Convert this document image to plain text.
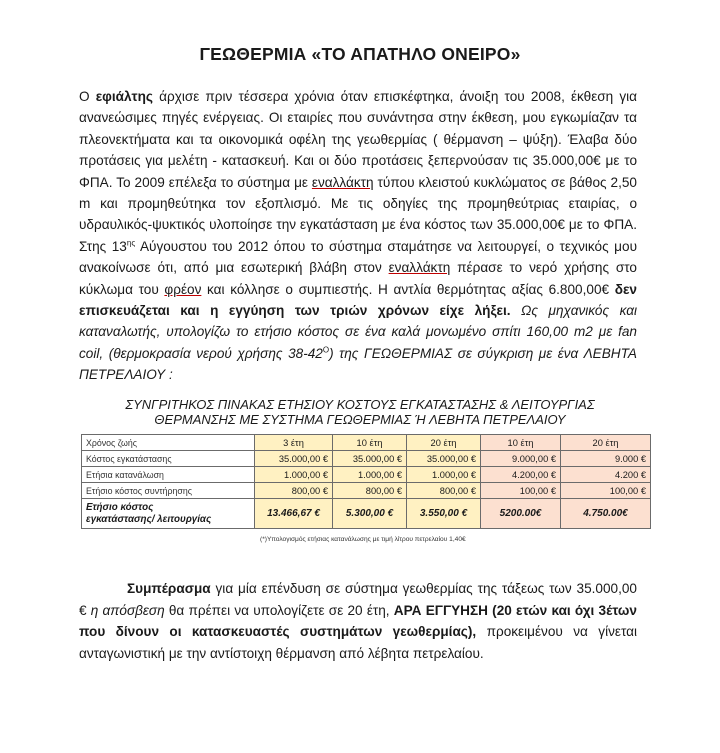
ΓΕΩΘΕΡΜΙΑ «ΤΟ ΑΠΑΤΗΛΟ ΟΝΕΙΡΟ»

Ο εφιάλτης άρχισε πριν τέσσερα χρόνια όταν επισκέφτηκα, άνοιξη του 2008, έκθεση για ανανεώσιμες πηγές ενέργειας. Οι εταιρίες που συνάντησα στην έκθεση, μου εγκωμίαζαν τα πλεονεκτήματα και τα οικονομικά οφέλη της γεωθερμίας ( θέρμανση – ψύξη). Έλαβα δύο προτάσεις για μελέτη - κατασκευή. Και οι δύο προτάσεις ξεπερνούσαν τις 35.000,00€ με το ΦΠΑ. Το 2009 επέλεξα το σύστημα με εναλλάκτη τύπου κλειστού κυκλώματος σε βάθος 2,50 m και προμηθεύτηκα τον εξοπλισμό. Με τις οδηγίες της προμηθεύτριας εταιρίας, ο υδραυλικός-ψυκτικός υλοποίησε την εγκατάσταση με ένα κόστος των 35.000,00€ με το ΦΠΑ. Στης $13^{\eta\varsigma}$ Αύγουστου του 2012 όπου το σύστημα σταμάτησε να λειτουργεί, ο τεχνικός μου ανακοίνωσε ότι, από μια εσωτερική βλάβη στον εναλλάκτη πέρασε το νερό χρήσης στο κύκλωμα του φρέον και κόλλησε ο συμπιεστής. Η αντλία θερμότητας αξίας 6.800,00€ δεν επισκευάζεται και η εγγύηση των τριών χρόνων είχε λήξει. Ως μηχανικός και καταναλωτής, υπολογίζω το ετήσιο κόστος σε ένα καλά μονωμένο σπίτι 160,00 m2 με fan coil, (θερμοκρασία νερού χρήσης $38-42^O$) της ΓΕΩΘΕΡΜΙΑΣ σε σύγκριση με ένα ΛΕΒΗΤΑ ΠΕΤΡΕΛΑΙΟΥ :

ΣΥΝΓΡΙΤΗΚΟΣ ΠΙΝΑΚΑΣ ΕΤΗΣΙΟΥ ΚΟΣΤΟΥΣ ΕΓΚΑΤΑΣΤΑΣΗΣ & ΛΕΙΤΟΥΡΓΙΑΣ
ΘΕΡΜΑΝΣΗΣ ΜΕ ΣΥΣΤΗΜΑ ΓΕΩΘΕΡΜΙΑΣ Ή ΛΕΒΗΤΑ ΠΕΤΡΕΛΑΙΟΥ
Χρόνος ζωής	3 έτη	10 έτη	20 έτη	10 έτη	20 έτη
Κόστος εγκατάστασης	35.000,00 €	35.000,00 €	35.000,00 €	9.000,00 €	9.000 €
Ετήσια κατανάλωση	1.000,00 €	1.000,00 €	1.000,00 €	4.200,00 €	4.200 €
Ετήσιο κόστος συντήρησης	800,00 €	800,00 €	800,00 €	100,00 €	100,00 €

Ετήσιο κόστος
εγκατάστασης/ λειτουργίας	13.466,67 €	5.300,00 €	3.550,00 €	5200.00€	4.750.00€
(*)Υπολογισμός ετήσιας κατανάλωσης με τιμή λίτρου πετρελαίου 1,40€

Συμπέρασμα για μία επένδυση σε σύστημα γεωθερμίας της τάξεως των 35.000,00 € η απόσβεση θα πρέπει να υπολογίζετε σε 20 έτη, ΑΡΑ ΕΓΓΥΗΣΗ (20 ετών και όχι 3έτων που δίνουν οι κατασκευαστές συστημάτων γεωθερμίας), προκειμένου να γίνεται ανταγωνιστική με την αντίστοιχη θέρμανση από λέβητα πετρελαίου.
